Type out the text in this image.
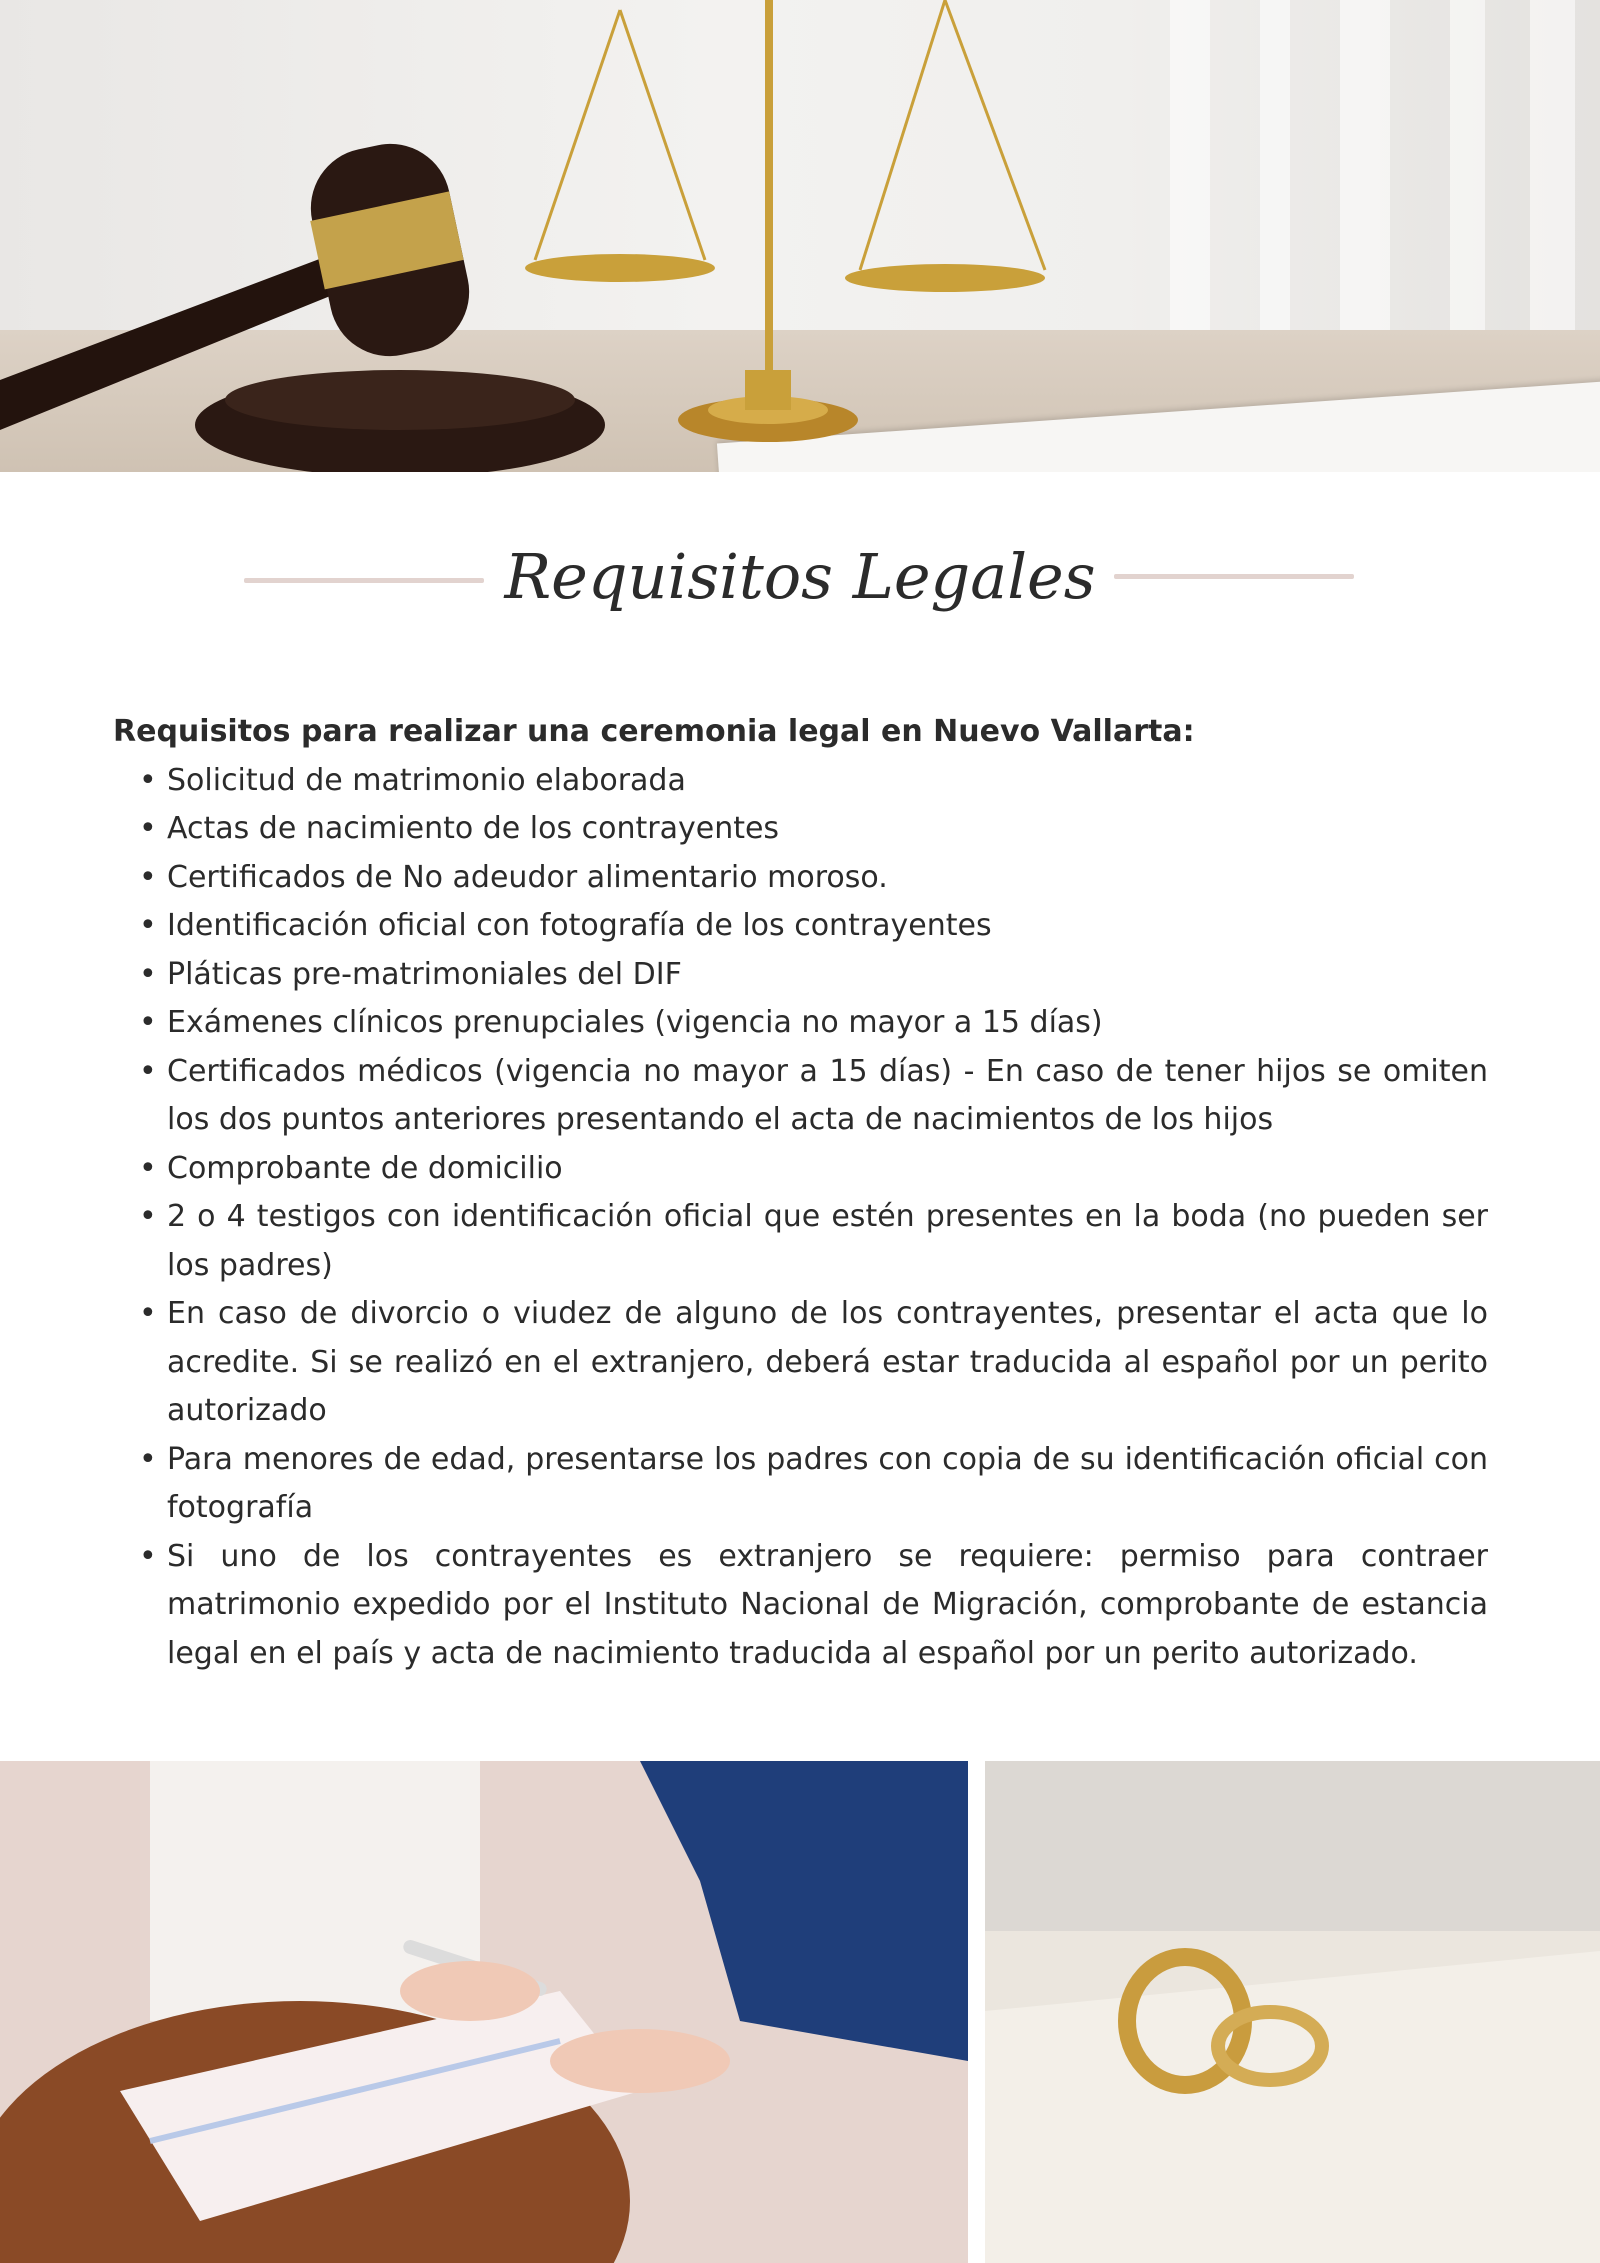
Requisitos Legales

Requisitos para realizar una ceremonia legal en Nuevo Vallarta:

• Solicitud de matrimonio elaborada
• Actas de nacimiento de los contrayentes
• Certificados de No adeudor alimentario moroso.
• Identificación oficial con fotografía de los contrayentes
• Pláticas pre-matrimoniales del DIF
• Exámenes clínicos prenupciales (vigencia no mayor a 15 días)
• Certificados médicos (vigencia no mayor a 15 días) - En caso de tener hijos se omiten los dos puntos anteriores presentando el acta de nacimientos de los hijos
• Comprobante de domicilio
• 2 o 4 testigos con identificación oficial que estén presentes en la boda (no pueden ser los padres)
• En caso de divorcio o viudez de alguno de los contrayentes, presentar el acta que lo acredite. Si se realizó en el extranjero, deberá estar traducida al español por un perito autorizado
• Para menores de edad, presentarse los padres con copia de su identificación oficial con fotografía
• Si uno de los contrayentes es extranjero se requiere: permiso para contraer matrimonio expedido por el Instituto Nacional de Migración, comprobante de estancia legal en el país y acta de nacimiento traducida al español por un perito autorizado.
